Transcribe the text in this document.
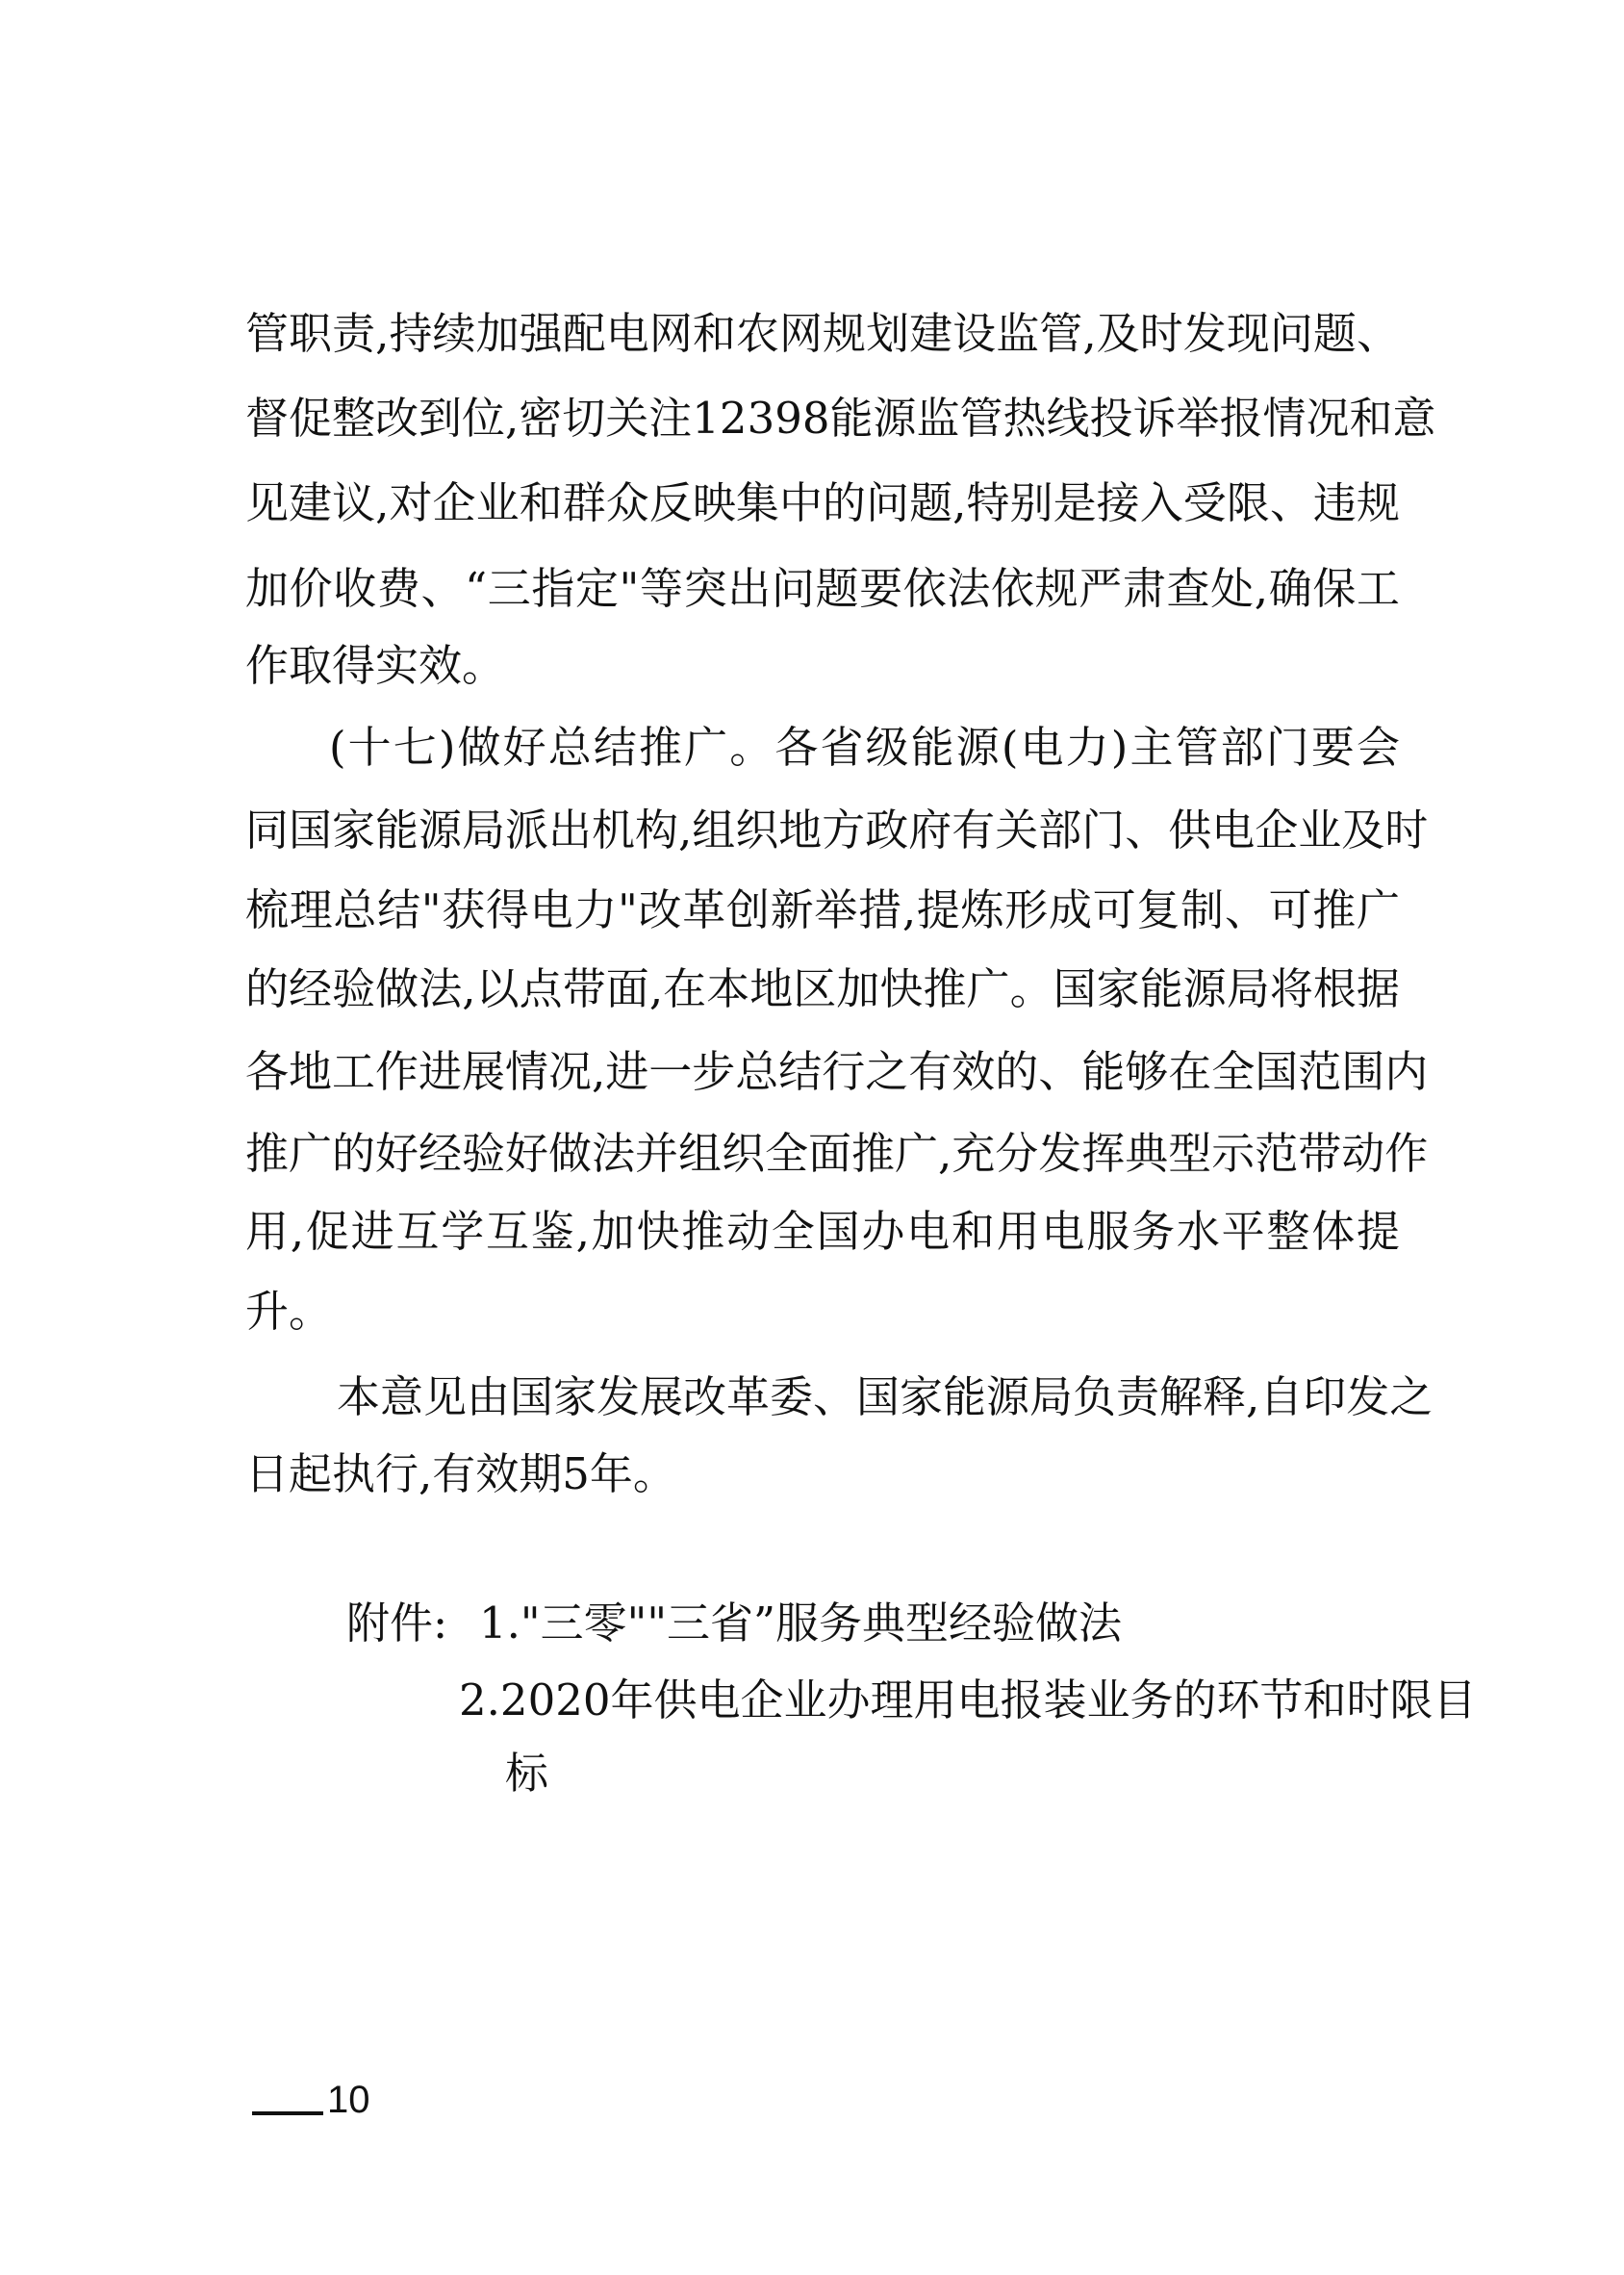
管职责,持续加强配电网和农网规划建设监管,及时发现问题、
督促整改到位,密切关注12398能源监管热线投诉举报情况和意
见建议,对企业和群众反映集中的问题,特别是接入受限、违规
加价收费、“三指定"等突出问题要依法依规严肃查处,确保工
作取得实效。
(十七)做好总结推广。各省级能源(电力)主管部门要会
同国家能源局派出机构,组织地方政府有关部门、供电企业及时
梳理总结"获得电力"改革创新举措,提炼形成可复制、可推广
的经验做法,以点带面,在本地区加快推广。国家能源局将根据
各地工作进展情况,进一步总结行之有效的、能够在全国范围内
推广的好经验好做法并组织全面推广,充分发挥典型示范带动作
用,促进互学互鉴,加快推动全国办电和用电服务水平整体提
升。
本意见由国家发展改革委、国家能源局负责解释,自印发之
日起执行,有效期5年。
附件: 1."三零""三省”服务典型经验做法
2.2020年供电企业办理用电报装业务的环节和时限目
标
10
